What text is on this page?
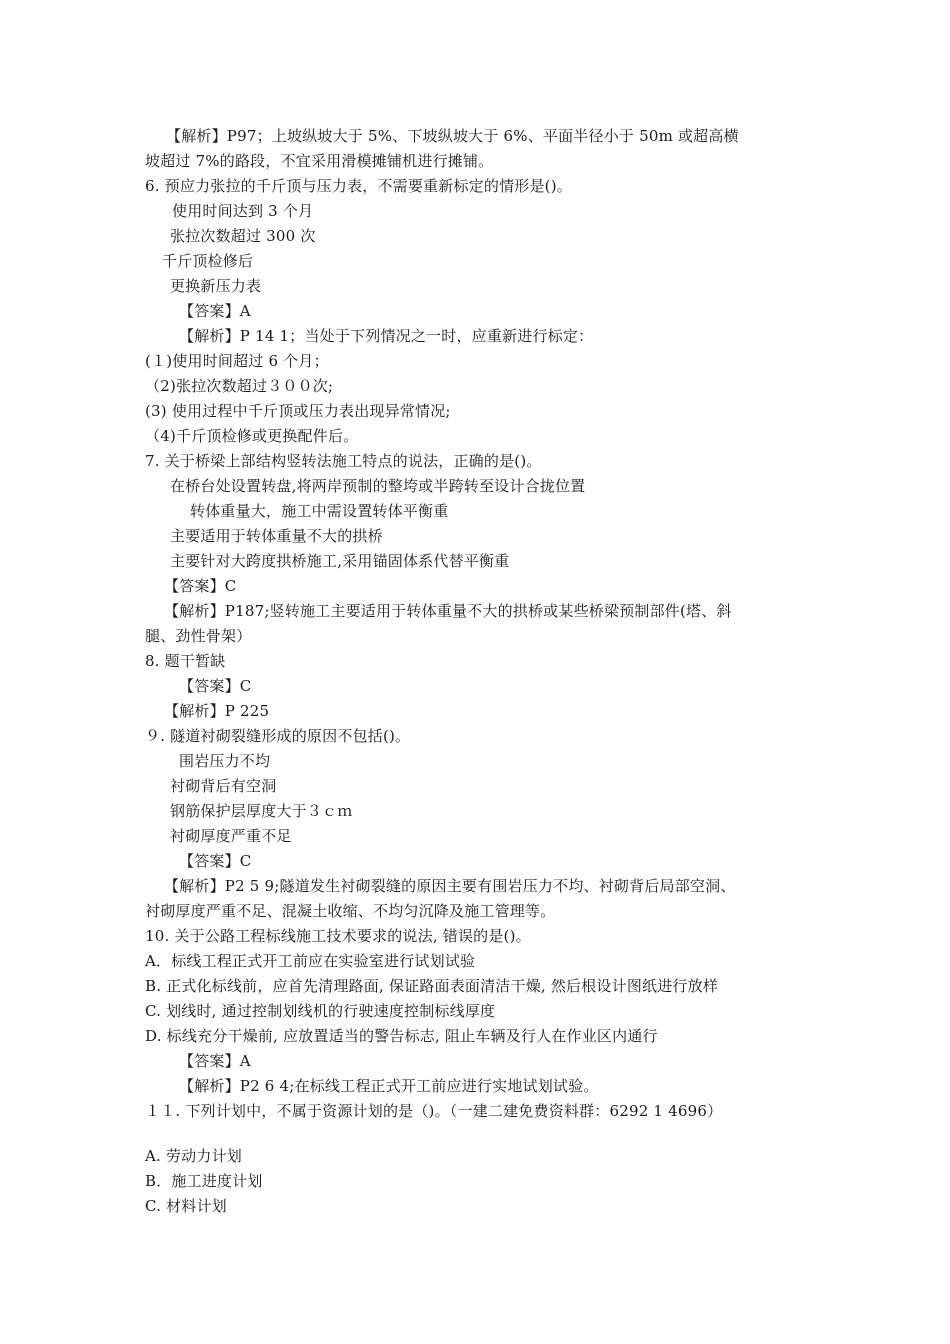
【解析】P97；上坡纵坡大于 5%、下坡纵坡大于 6%、平面半径小于 50m 或超高横
坡超过 7%的路段，不宜采用滑模摊铺机进行摊铺。
6. 预应力张拉的千斤顶与压力表，不需要重新标定的情形是()。
使用时间达到 3 个月
张拉次数超过 300 次
千斤顶检修后
更换新压力表
【答案】A
【解析】P 14 1；当处于下列情况之一时，应重新进行标定：
(１)使用时间超过 6 个月；
（2)张拉次数超过３００次;
(3) 使用过程中千斤顶或压力表出现异常情况;
（4)千斤顶检修或更换配件后。
7. 关于桥梁上部结构竖转法施工特点的说法，正确的是()。
在桥台处设置转盘,将两岸预制的整垮或半跨转至设计合拢位置
转体重量大，施工中需设置转体平衡重
主要适用于转体重量不大的拱桥
主要针对大跨度拱桥施工,采用锚固体系代替平衡重
【答案】C
【解析】P187;竖转施工主要适用于转体重量不大的拱桥或某些桥梁预制部件(塔、斜
腿、劲性骨架）
8. 题干暂缺
【答案】C
【解析】P 225
９. 隧道衬砌裂缝形成的原因不包括()。
围岩压力不均
衬砌背后有空洞
钢筋保护层厚度大于３ｃｍ
衬砌厚度严重不足
【答案】C
【解析】P2 5 9;隧道发生衬砌裂缝的原因主要有围岩压力不均、衬砌背后局部空洞、
衬砌厚度严重不足、混凝土收缩、不均匀沉降及施工管理等。
10. 关于公路工程标线施工技术要求的说法, 错误的是()。
A．标线工程正式开工前应在实验室进行试划试验
B. 正式化标线前，应首先清理路面, 保证路面表面清洁干燥, 然后根设计图纸进行放样
C. 划线时, 通过控制划线机的行驶速度控制标线厚度
D. 标线充分干燥前, 应放置适当的警告标志, 阻止车辆及行人在作业区内通行
【答案】A
【解析】P2 6 4;在标线工程正式开工前应进行实地试划试验。
１１. 下列计划中，不属于资源计划的是（)。（一建二建免费资料群：6292 1 4696）
A. 劳动力计划
B．施工进度计划
C. 材料计划
